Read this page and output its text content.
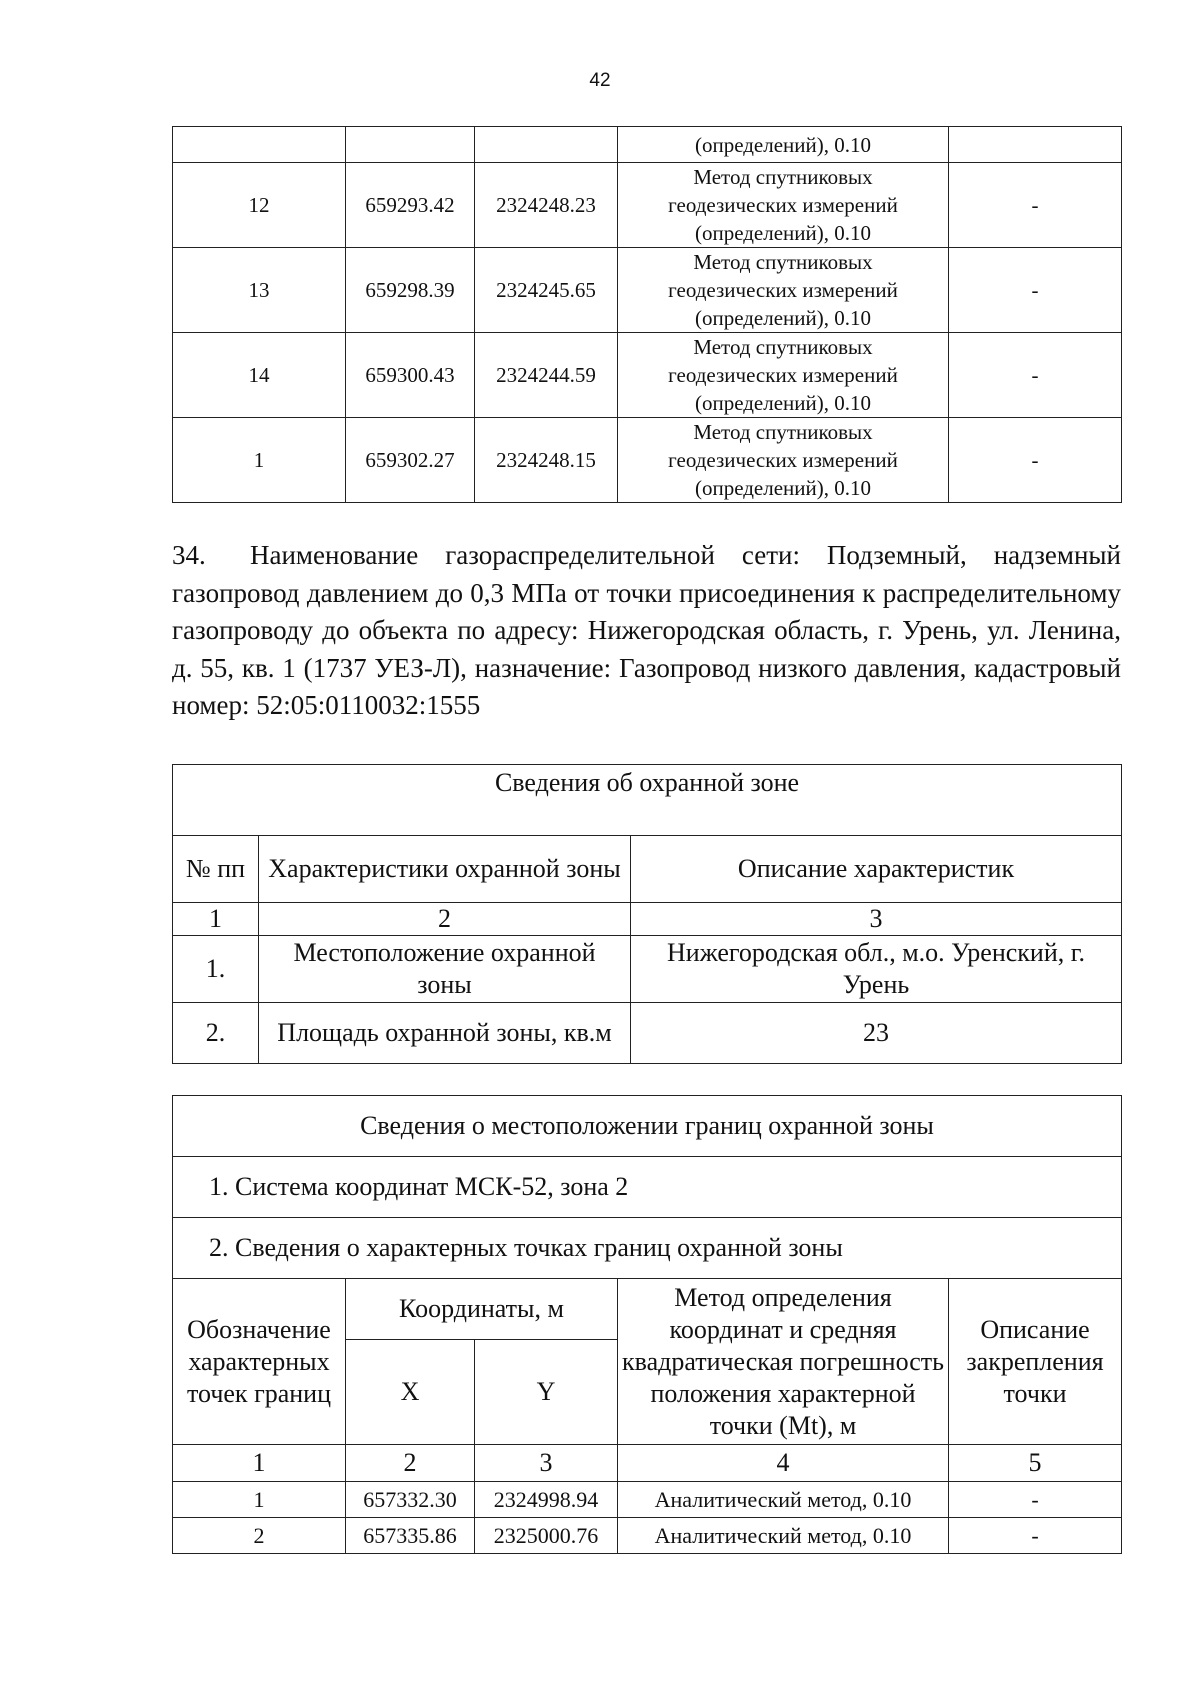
42
			(определений), 0.10	
12	659293.42	2324248.23	Метод спутниковых
геодезических измерений
(определений), 0.10	-
13	659298.39	2324245.65	Метод спутниковых
геодезических измерений
(определений), 0.10	-
14	659300.43	2324244.59	Метод спутниковых
геодезических измерений
(определений), 0.10	-
1	659302.27	2324248.15	Метод спутниковых
геодезических измерений
(определений), 0.10	-
34. Наименование газораспределительной сети: Подземный, надземный газопровод давлением до 0,3 МПа от точки присоединения к распределительному газопроводу до объекта по адресу: Нижегородская область, г. Урень, ул. Ленина, д. 55, кв. 1 (1737 УЕЗ-Л), назначение: Газопровод низкого давления, кадастровый номер: 52:05:0110032:1555
Сведения об охранной зоне		
№ пп	Характеристики охранной зоны	Описание характеристик
1	2	3
1.	Местоположение охранной зоны	Нижегородская обл., м.о. Уренский, г. Урень
2.	Площадь охранной зоны, кв.м	23
Сведения о местоположении границ охранной зоны				
1. Система координат МСК-52, зона 2				
2. Сведения о характерных точках границ охранной зоны				
Обозначение характерных точек границ	Координаты, м		Метод определения координат и средняя квадратическая погрешность положения характерной точки (Mt), м	Описание закрепления точки
	X	Y		
1	2	3	4	5
1	657332.30	2324998.94	Аналитический метод, 0.10	-
2	657335.86	2325000.76	Аналитический метод, 0.10	-
